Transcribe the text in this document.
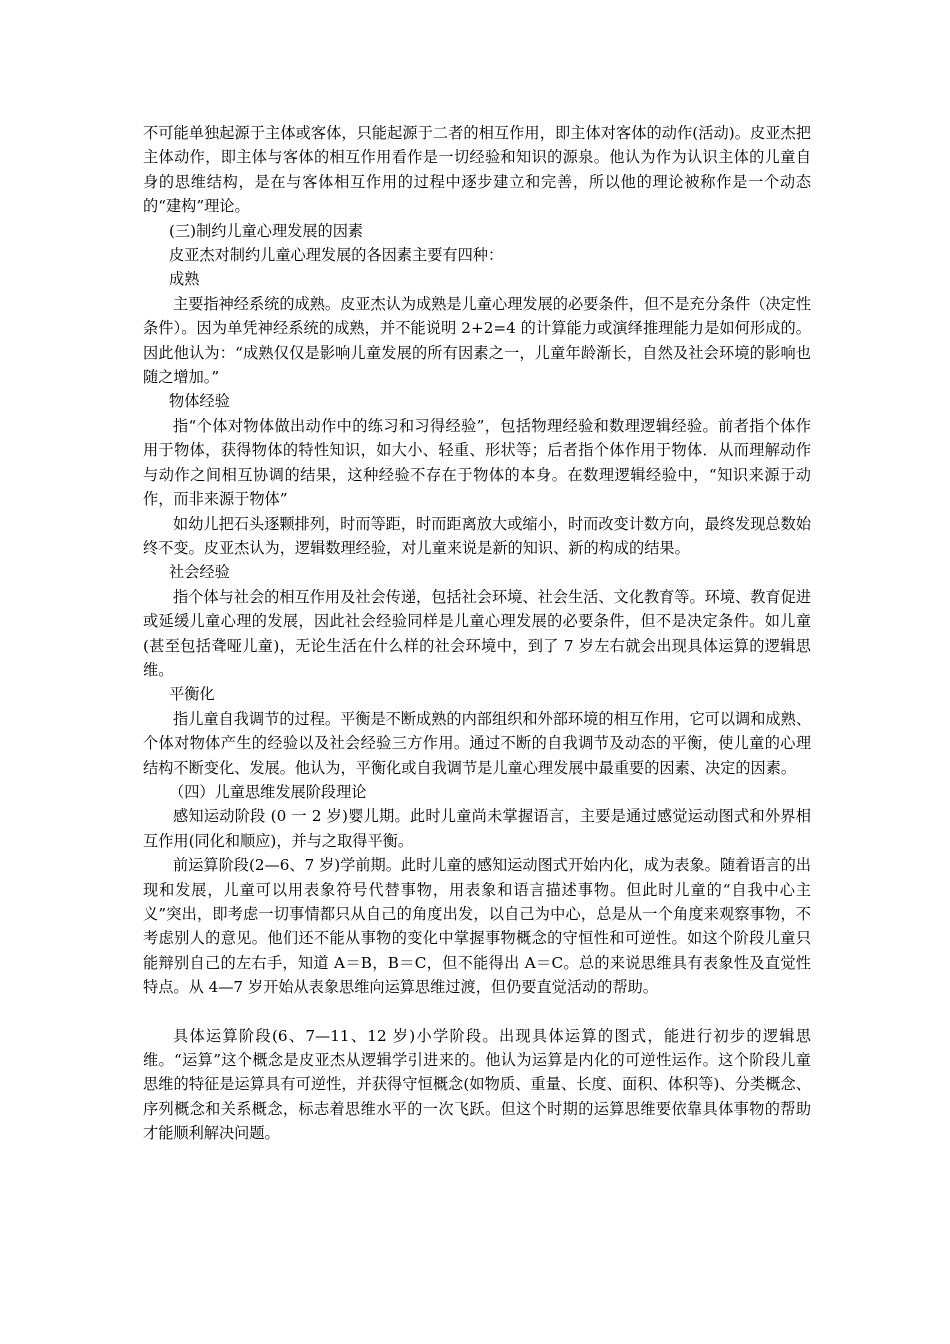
不可能单独起源于主体或客体，只能起源于二者的相互作用，即主体对客体的动作(活动)。皮亚杰把主体动作，即主体与客体的相互作用看作是一切经验和知识的源泉。他认为作为认识主体的儿童自身的思维结构，是在与客体相互作用的过程中逐步建立和完善，所以他的理论被称作是一个动态的“建构”理论。

(三)制约儿童心理发展的因素

皮亚杰对制约儿童心理发展的各因素主要有四种：

成熟

主要指神经系统的成熟。皮亚杰认为成熟是儿童心理发展的必要条件，但不是充分条件（决定性条件）。因为单凭神经系统的成熟，并不能说明 2+2=4 的计算能力或演绎推理能力是如何形成的。因此他认为：“成熟仅仅是影响儿童发展的所有因素之一，儿童年龄渐长，自然及社会环境的影响也随之增加。”

物体经验

指“个体对物体做出动作中的练习和习得经验”，包括物理经验和数理逻辑经验。前者指个体作用于物体，获得物体的特性知识，如大小、轻重、形状等；后者指个体作用于物体．从而理解动作与动作之间相互协调的结果，这种经验不存在于物体的本身。在数理逻辑经验中，“知识来源于动作，而非来源于物体”

如幼儿把石头逐颗排列，时而等距，时而距离放大或缩小，时而改变计数方向，最终发现总数始终不变。皮亚杰认为，逻辑数理经验，对儿童来说是新的知识、新的构成的结果。

社会经验

指个体与社会的相互作用及社会传递，包括社会环境、社会生活、文化教育等。环境、教育促进或延缓儿童心理的发展，因此社会经验同样是儿童心理发展的必要条件，但不是决定条件。如儿童(甚至包括聋哑儿童)，无论生活在什么样的社会环境中，到了 7 岁左右就会出现具体运算的逻辑思维。

平衡化

指儿童自我调节的过程。平衡是不断成熟的内部组织和外部环境的相互作用，它可以调和成熟、个体对物体产生的经验以及社会经验三方作用。通过不断的自我调节及动态的平衡，使儿童的心理结构不断变化、发展。他认为，平衡化或自我调节是儿童心理发展中最重要的因素、决定的因素。

（四）儿童思维发展阶段理论

感知运动阶段 (0 一 2 岁)婴儿期。此时儿童尚未掌握语言，主要是通过感觉运动图式和外界相互作用(同化和顺应)，并与之取得平衡。

前运算阶段(2—6、7 岁)学前期。此时儿童的感知运动图式开始内化，成为表象。随着语言的出现和发展，儿童可以用表象符号代替事物，用表象和语言描述事物。但此时儿童的“自我中心主义”突出，即考虑一切事情都只从自己的角度出发，以自己为中心，总是从一个角度来观察事物，不考虑别人的意见。他们还不能从事物的变化中掌握事物概念的守恒性和可逆性。如这个阶段儿童只能辩别自己的左右手，知道 A＝B，B＝C，但不能得出 A＝C。总的来说思维具有表象性及直觉性特点。从 4—7 岁开始从表象思维向运算思维过渡，但仍要直觉活动的帮助。

具体运算阶段(6、7—11、12 岁)小学阶段。出现具体运算的图式，能进行初步的逻辑思维。“运算”这个概念是皮亚杰从逻辑学引进来的。他认为运算是内化的可逆性运作。这个阶段儿童思维的特征是运算具有可逆性，并获得守恒概念(如物质、重量、长度、面积、体积等)、分类概念、序列概念和关系概念，标志着思维水平的一次飞跃。但这个时期的运算思维要依靠具体事物的帮助才能顺利解决问题。
